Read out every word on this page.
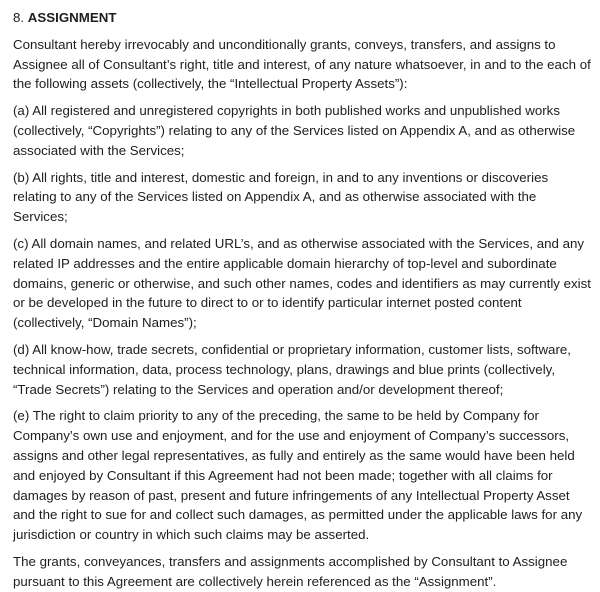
8. ASSIGNMENT

Consultant hereby irrevocably and unconditionally grants, conveys, transfers, and assigns to Assignee all of Consultant’s right, title and interest, of any nature whatsoever, in and to the each of the following assets (collectively, the “Intellectual Property Assets”):

(a) All registered and unregistered copyrights in both published works and unpublished works (collectively, “Copyrights”) relating to any of the Services listed on Appendix A, and as otherwise associated with the Services;

(b) All rights, title and interest, domestic and foreign, in and to any inventions or discoveries relating to any of the Services listed on Appendix A, and as otherwise associated with the Services;

(c) All domain names, and related URL’s, and as otherwise associated with the Services, and any related IP addresses and the entire applicable domain hierarchy of top-level and subordinate domains, generic or otherwise, and such other names, codes and identifiers as may currently exist or be developed in the future to direct to or to identify particular internet posted content (collectively, “Domain Names”);

(d) All know-how, trade secrets, confidential or proprietary information, customer lists, software, technical information, data, process technology, plans, drawings and blue prints (collectively, “Trade Secrets”) relating to the Services and operation and/or development thereof;

(e) The right to claim priority to any of the preceding, the same to be held by Company for Company’s own use and enjoyment, and for the use and enjoyment of Company’s successors, assigns and other legal representatives, as fully and entirely as the same would have been held and enjoyed by Consultant if this Agreement had not been made; together with all claims for damages by reason of past, present and future infringements of any Intellectual Property Asset and the right to sue for and collect such damages, as permitted under the applicable laws for any jurisdiction or country in which such claims may be asserted.

The grants, conveyances, transfers and assignments accomplished by Consultant to Assignee pursuant to this Agreement are collectively herein referenced as the “Assignment”.
